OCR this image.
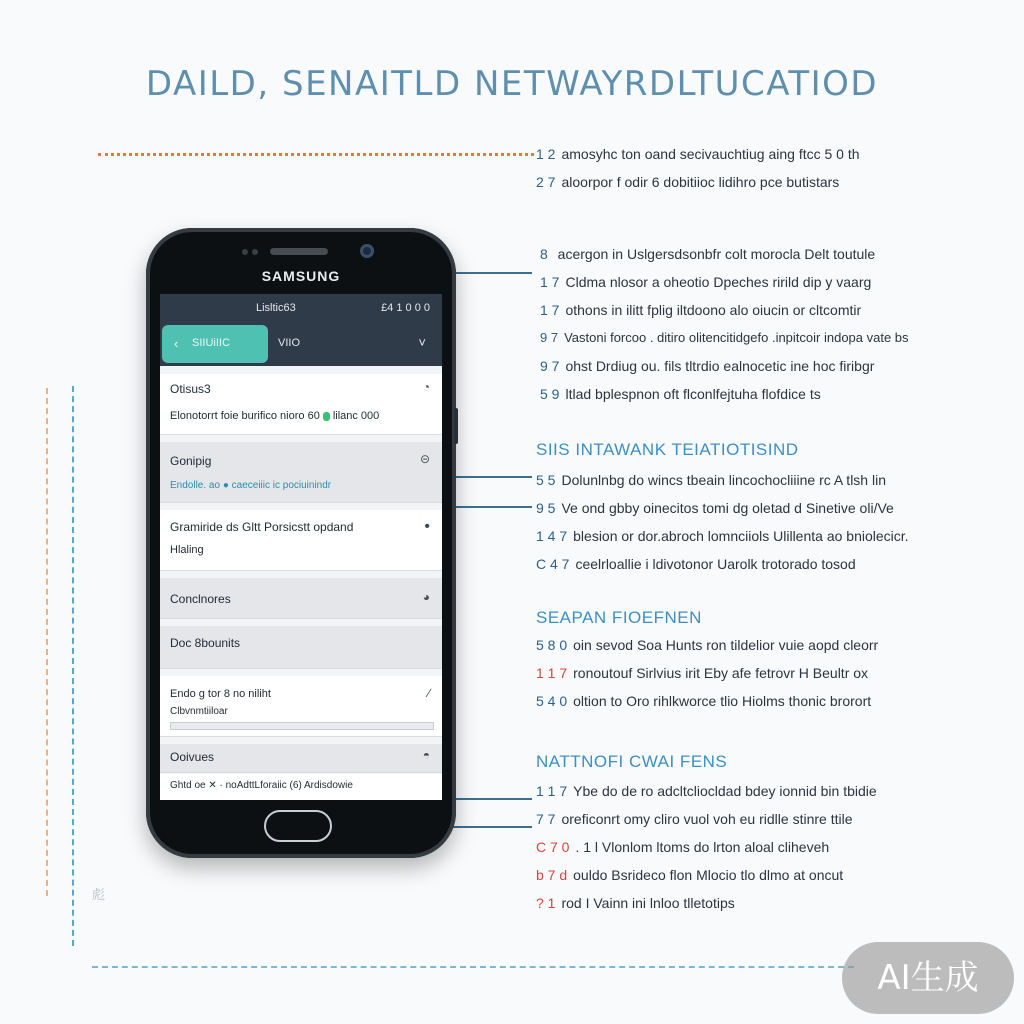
DAILD, SENAITLD NETWAYRDLTUCATIOD
SAMSUNG
Lisltic63	£4 1 0 0 0
‹ SIIUiIIC	VIIO	˅
Otisus3
Elonotorrt foie burifico nioro 60 lilanc 000
◔
Gonipig
Endolle. ao ● caeceiiic ic pociuinindr
⊝
Gramiride ds Gltt Porsicstt opdand
Hlaling
•
Conclnores	◕
Doc 8bounits
Endo g tor 8 no niliht
Clbvnmtiiloar
∕
Ooivues	◓
Ghtd oe ✕ · noAdttLforaiic (6) Ardisdowie
1 2 amosyhc ton oand secivauchtiug aing ftcc 5 0 th
2 7 aloorpor f odir 6 dobitiioc lidihro pce butistars
8 acergon in Uslgersdsonbfr colt morocla Delt toutule
1 7 Cldma nlosor a oheotio Dpeches ririld dip y vaarg
1 7 othons in ilitt fplig iltdoono alo oiucin or cltcomtir
9 7 Vastoni forcoo . ditiro olitencitidgefo .inpitcoir indopa vate bs
9 7 ohst Drdiug ou. fils tltrdio ealnocetic ine hoc firibgr
5 9 ltlad bplespnon oft flconlfejtuha flofdice ts
SIIS INTAWANK TEIATIOTISIND
5 5 Dolunlnbg do wincs tbeain lincochocliiine rc A tlsh lin
9 5 Ve ond gbby oinecitos tomi dg oletad d Sinetive oli/Ve
1 4 7 blesion or dor.abroch lomnciiols Ulillenta ao bniolecicr.
C 4 7 ceelrloallie i ldivotonor Uarolk trotorado tosod
SEAPAN FIOEFNEN
5 8 0 oin sevod Soa Hunts ron tildelior vuie aopd cleorr
1 1 7 ronoutouf Sirlvius irit Eby afe fetrovr H Beultr ox
5 4 0 oltion to Oro rihlkworce tlio Hiolms thonic brorort
NATTNOFI CWAI FENS
1 1 7 Ybe do de ro adcltcliocldad bdey ionnid bin tbidie
7 7 oreficonrt omy cliro vuol voh eu ridlle stinre ttile
C 7 0 . 1 l Vlonlom ltoms do lrton aloal cliheveh
b 7 d ouldo Bsrideco flon Mlocio tlo dlmo at oncut
? 1 rod I Vainn ini lnloo tlletotips
彪
AI生成
